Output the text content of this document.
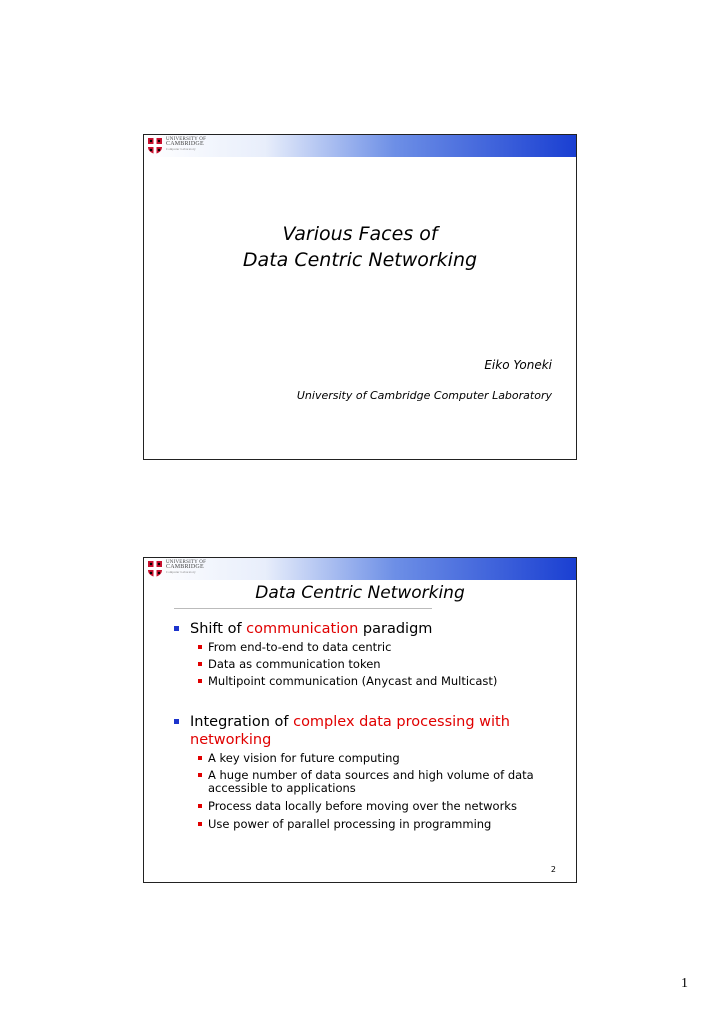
UNIVERSITY OF
CAMBRIDGE
Computer Laboratory
Various Faces of
Data Centric Networking
Eiko Yoneki
University of Cambridge Computer Laboratory
UNIVERSITY OF
CAMBRIDGE
Computer Laboratory
Data Centric Networking
Shift of communication paradigm
From end-to-end to data centric
Data as communication token
Multipoint communication (Anycast and Multicast)
Integration of complex data processing with networking
A key vision for future computing
A huge number of data sources and high volume of data accessible to applications
Process data locally before moving over the networks
Use power of parallel processing in programming
2
1
